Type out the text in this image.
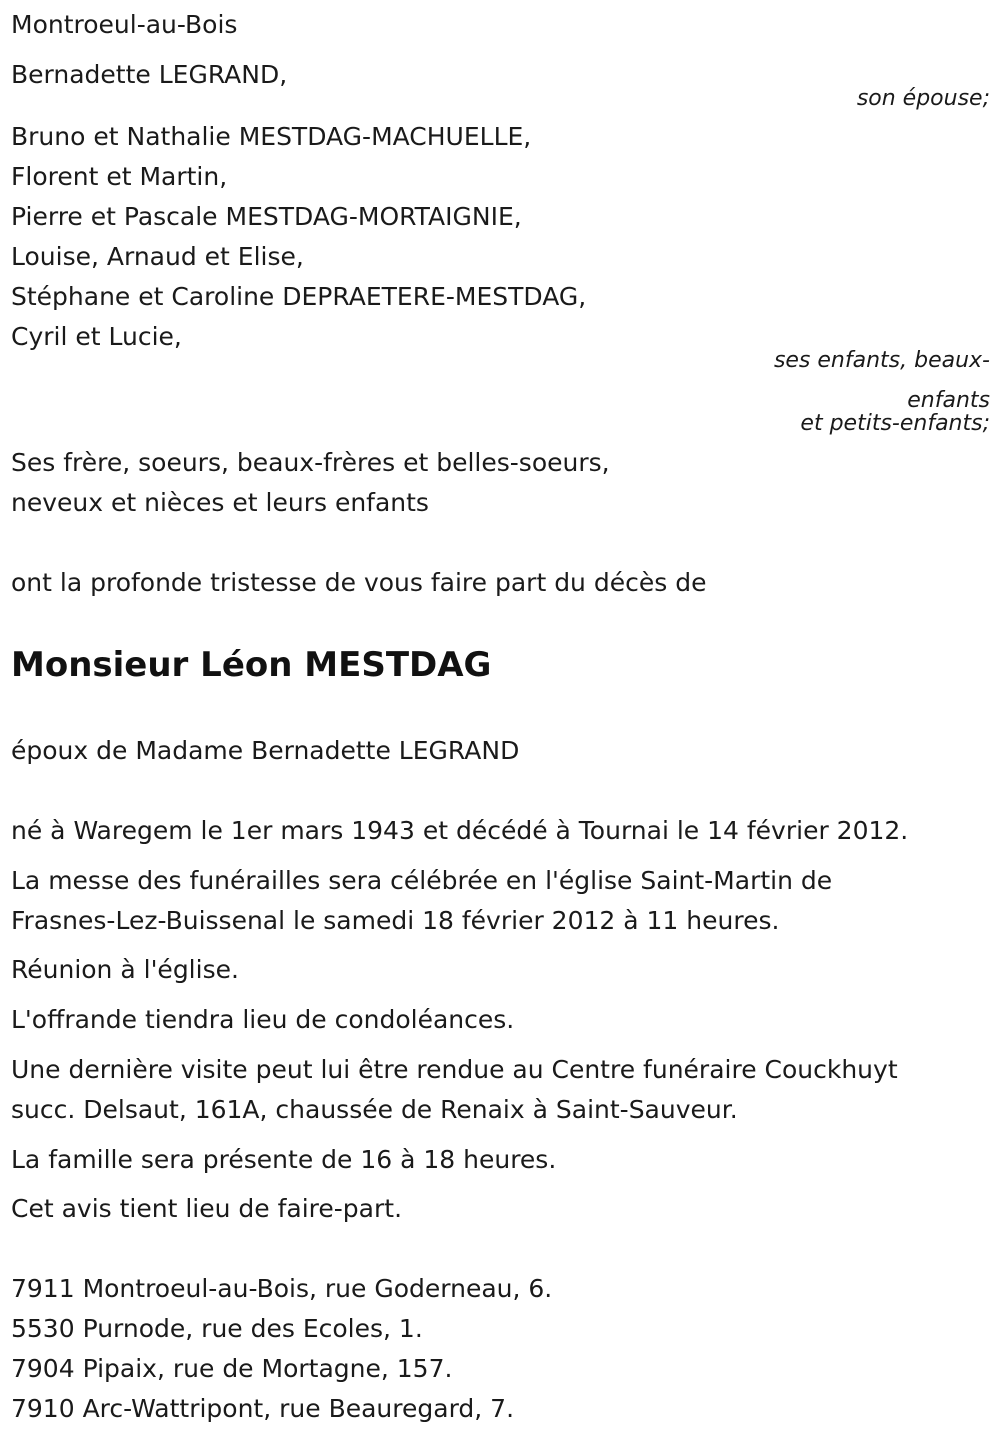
Montroeul-au-Bois

Bernadette LEGRAND,

son épouse;

Bruno et Nathalie MESTDAG-MACHUELLE,

Florent et Martin,

Pierre et Pascale MESTDAG-MORTAIGNIE,

Louise, Arnaud et Elise,

Stéphane et Caroline DEPRAETERE-MESTDAG,

Cyril et Lucie,

ses enfants, beaux-

enfants

et petits-enfants;

Ses frère, soeurs, beaux-frères et belles-soeurs,

neveux et nièces et leurs enfants

ont la profonde tristesse de vous faire part du décès de

Monsieur Léon MESTDAG

époux de Madame Bernadette LEGRAND

né à Waregem le 1er mars 1943 et décédé à Tournai le 14 février 2012.

La messe des funérailles sera célébrée en l'église Saint-Martin de

Frasnes-Lez-Buissenal le samedi 18 février 2012 à 11 heures.

Réunion à l'église.

L'offrande tiendra lieu de condoléances.

Une dernière visite peut lui être rendue au Centre funéraire Couckhuyt

succ. Delsaut, 161A, chaussée de Renaix à Saint-Sauveur.

La famille sera présente de 16 à 18 heures.

Cet avis tient lieu de faire-part.

7911 Montroeul-au-Bois, rue Goderneau, 6.

5530 Purnode, rue des Ecoles, 1.

7904 Pipaix, rue de Mortagne, 157.

7910 Arc-Wattripont, rue Beauregard, 7.
